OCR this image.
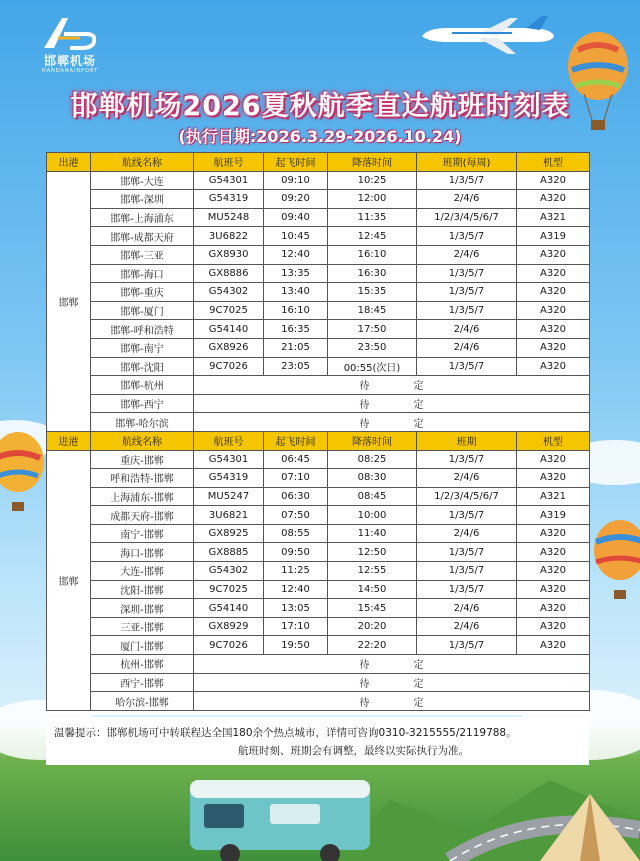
邯郸机场
HANDANAIRPORT
邯郸机场2026夏秋航季直达航班时刻表
(执行日期:2026.3.29-2026.10.24)
出港	航线名称	航班号	起飞时间	降落时间	班期(每周)	机型
邯郸	邯郸-大连	G54301	09:10	10:25	1/3/5/7	A320
	邯郸-深圳	G54319	09:20	12:00	2/4/6	A320
	邯郸-上海浦东	MU5248	09:40	11:35	1/2/3/4/5/6/7	A321
	邯郸-成都天府	3U6822	10:45	12:45	1/3/5/7	A319
	邯郸-三亚	GX8930	12:40	16:10	2/4/6	A320
	邯郸-海口	GX8886	13:35	16:30	1/3/5/7	A320
	邯郸-重庆	G54302	13:40	15:35	1/3/5/7	A320
	邯郸-厦门	9C7025	16:10	18:45	1/3/5/7	A320
	邯郸-呼和浩特	G54140	16:35	17:50	2/4/6	A320
	邯郸-南宁	GX8926	21:05	23:50	2/4/6	A320
	邯郸-沈阳	9C7026	23:05	00:55(次日)	1/3/5/7	A320
	邯郸-杭州	待 定				
	邯郸-西宁	待 定				
	邯郸-哈尔滨	待 定				
进港	航线名称	航班号	起飞时间	降落时间	班期	机型
邯郸	重庆-邯郸	G54301	06:45	08:25	1/3/5/7	A320
	呼和浩特-邯郸	G54319	07:10	08:30	2/4/6	A320
	上海浦东-邯郸	MU5247	06:30	08:45	1/2/3/4/5/6/7	A321
	成都天府-邯郸	3U6821	07:50	10:00	1/3/5/7	A319
	南宁-邯郸	GX8925	08:55	11:40	2/4/6	A320
	海口-邯郸	GX8885	09:50	12:50	1/3/5/7	A320
	大连-邯郸	G54302	11:25	12:55	1/3/5/7	A320
	沈阳-邯郸	9C7025	12:40	14:50	1/3/5/7	A320
	深圳-邯郸	G54140	13:05	15:45	2/4/6	A320
	三亚-邯郸	GX8929	17:10	20:20	2/4/6	A320
	厦门-邯郸	9C7026	19:50	22:20	1/3/5/7	A320
	杭州-邯郸	待 定				
	西宁-邯郸	待 定				
	哈尔滨-邯郸	待 定				
温馨提示：邯郸机场可中转联程达全国180余个热点城市，详情可咨询0310-3215555/2119788。
航班时刻、班期会有调整，最终以实际执行为准。
